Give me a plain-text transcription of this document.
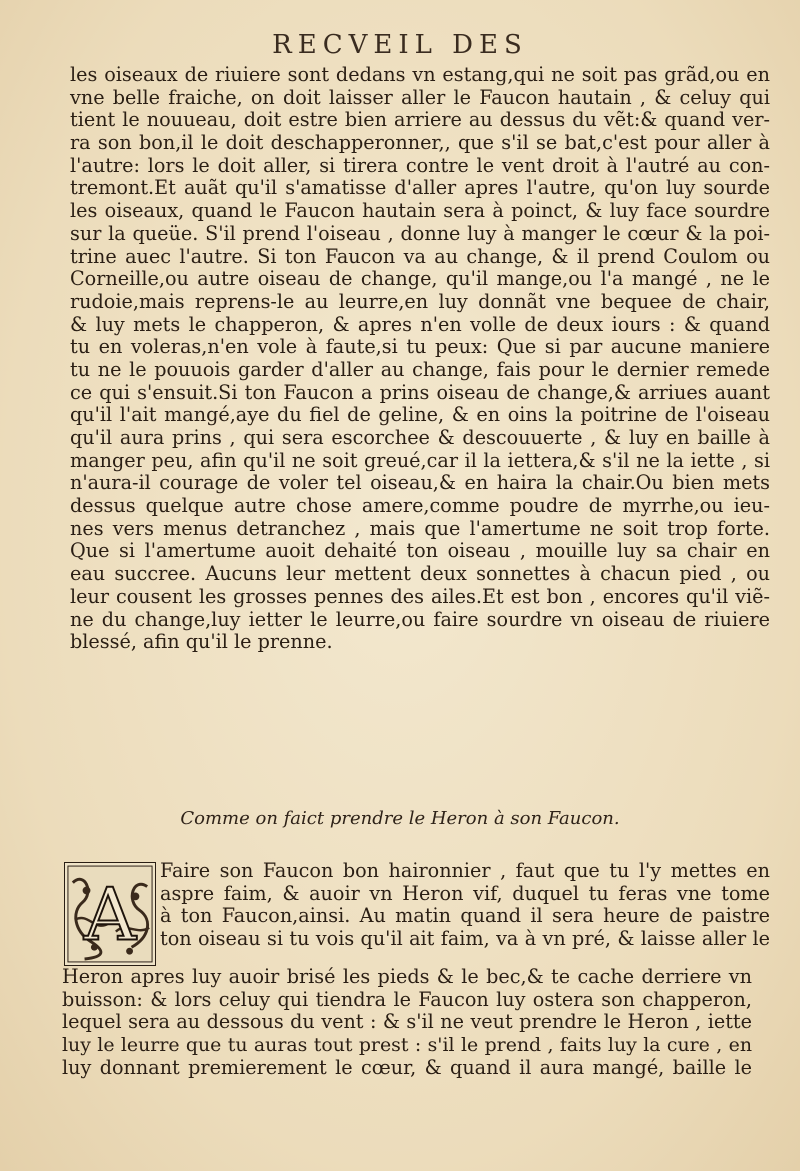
RECVEIL DES
les oiseaux de riuiere sont dedans vn estang,qui ne soit pas grãd,ou en
vne belle fraiche, on doit laisser aller le Faucon hautain , & celuy qui
tient le nouueau, doit estre bien arriere au dessus du vẽt:& quand ver-
ra son bon,il le doit deschapperonner,, que s'il se bat,c'est pour aller à
l'autre: lors le doit aller, si tirera contre le vent droit à l'autré au con-
tremont.Et auãt qu'il s'amatisse d'aller apres l'autre, qu'on luy sourde
les oiseaux, quand le Faucon hautain sera à poinct, & luy face sourdre
sur la queüe. S'il prend l'oiseau , donne luy à manger le cœur & la poi-
trine auec l'autre. Si ton Faucon va au change, & il prend Coulom ou
Corneille,ou autre oiseau de change, qu'il mange,ou l'a mangé , ne le
rudoie,mais reprens-le au leurre,en luy donnãt vne bequee de chair,
& luy mets le chapperon, & apres n'en volle de deux iours : & quand
tu en voleras,n'en vole à faute,si tu peux: Que si par aucune maniere
tu ne le pouuois garder d'aller au change, fais pour le dernier remede
ce qui s'ensuit.Si ton Faucon a prins oiseau de change,& arriues auant
qu'il l'ait mangé,aye du fiel de geline, & en oins la poitrine de l'oiseau
qu'il aura prins , qui sera escorchee & descouuerte , & luy en baille à
manger peu, afin qu'il ne soit greué,car il la iettera,& s'il ne la iette , si
n'aura-il courage de voler tel oiseau,& en haira la chair.Ou bien mets
dessus quelque autre chose amere,comme poudre de myrrhe,ou ieu-
nes vers menus detranchez , mais que l'amertume ne soit trop forte.
Que si l'amertume auoit dehaité ton oiseau , mouille luy sa chair en
eau succree. Aucuns leur mettent deux sonnettes à chacun pied , ou
leur cousent les grosses pennes des ailes.Et est bon , encores qu'il viẽ-
ne du change,luy ietter le leurre,ou faire sourdre vn oiseau de riuiere
blessé, afin qu'il le prenne.
Comme on faict prendre le Heron à son Faucon.
A
Faire son Faucon bon haironnier , faut que tu l'y mettes en
aspre faim, & auoir vn Heron vif, duquel tu feras vne tome
à ton Faucon,ainsi. Au matin quand il sera heure de paistre
ton oiseau si tu vois qu'il ait faim, va à vn pré, & laisse aller le
Heron apres luy auoir brisé les pieds & le bec,& te cache derriere vn
buisson: & lors celuy qui tiendra le Faucon luy ostera son chapperon,
lequel sera au dessous du vent : & s'il ne veut prendre le Heron , iette
luy le leurre que tu auras tout prest : s'il le prend , faits luy la cure , en
luy donnant premierement le cœur, & quand il aura mangé, baille le
